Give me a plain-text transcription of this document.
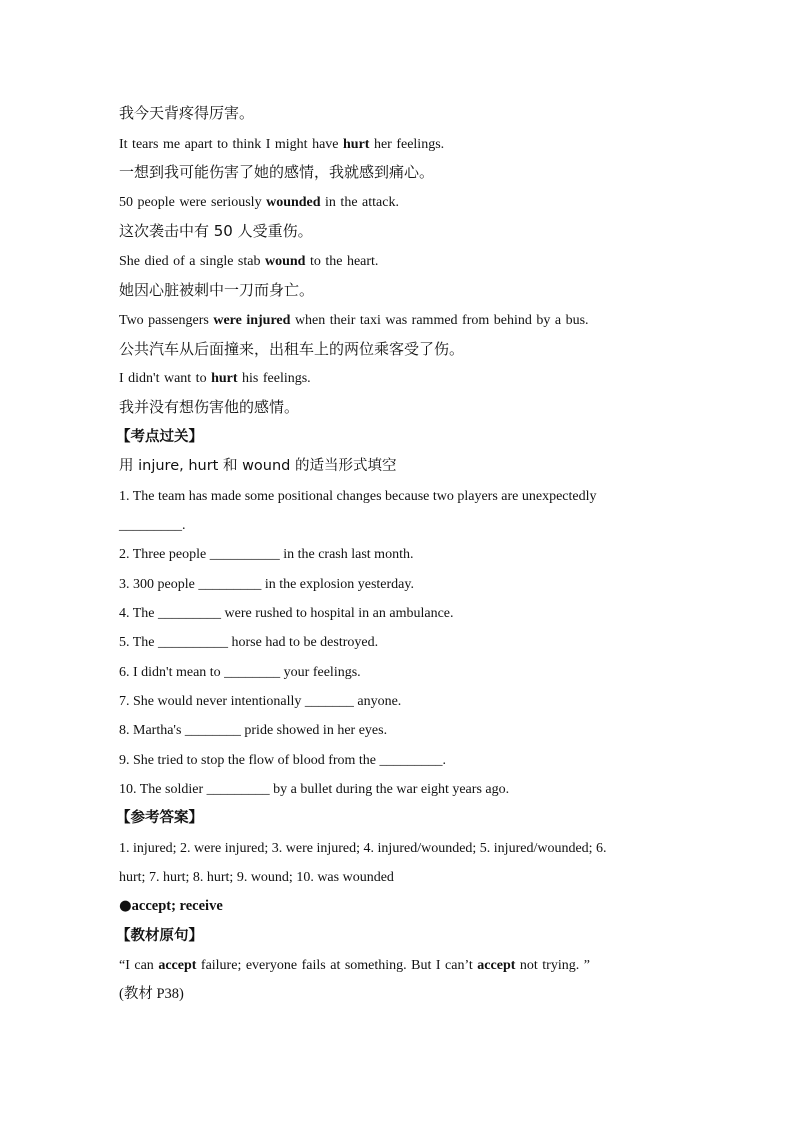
我今天背疼得厉害。
It tears me apart to think I might have hurt her feelings.
一想到我可能伤害了她的感情，我就感到痛心。
50 people were seriously wounded in the attack.
这次袭击中有 50 人受重伤。
She died of a single stab wound to the heart.
她因心脏被刺中一刀而身亡。
Two passengers were injured when their taxi was rammed from behind by a bus.
公共汽车从后面撞来，出租车上的两位乘客受了伤。
I didn't want to hurt his feelings.
我并没有想伤害他的感情。
【考点过关】
用 injure, hurt 和 wound 的适当形式填空
1. The team has made some positional changes because two players are unexpectedly
_________.
2. Three people __________ in the crash last month.
3. 300 people _________ in the explosion yesterday.
4. The _________ were rushed to hospital in an ambulance.
5. The __________ horse had to be destroyed.
6. I didn't mean to ________ your feelings.
7. She would never intentionally _______ anyone.
8. Martha's ________ pride showed in her eyes.
9. She tried to stop the flow of blood from the _________.
10. The soldier _________ by a bullet during the war eight years ago.
【参考答案】
1. injured; 2. were injured; 3. were injured; 4. injured/wounded; 5. injured/wounded; 6.
hurt; 7. hurt; 8. hurt; 9. wound; 10. was wounded
●accept; receive
【教材原句】
“I can accept failure; everyone fails at something. But I can’t accept not trying. ”
(教材 P38)
